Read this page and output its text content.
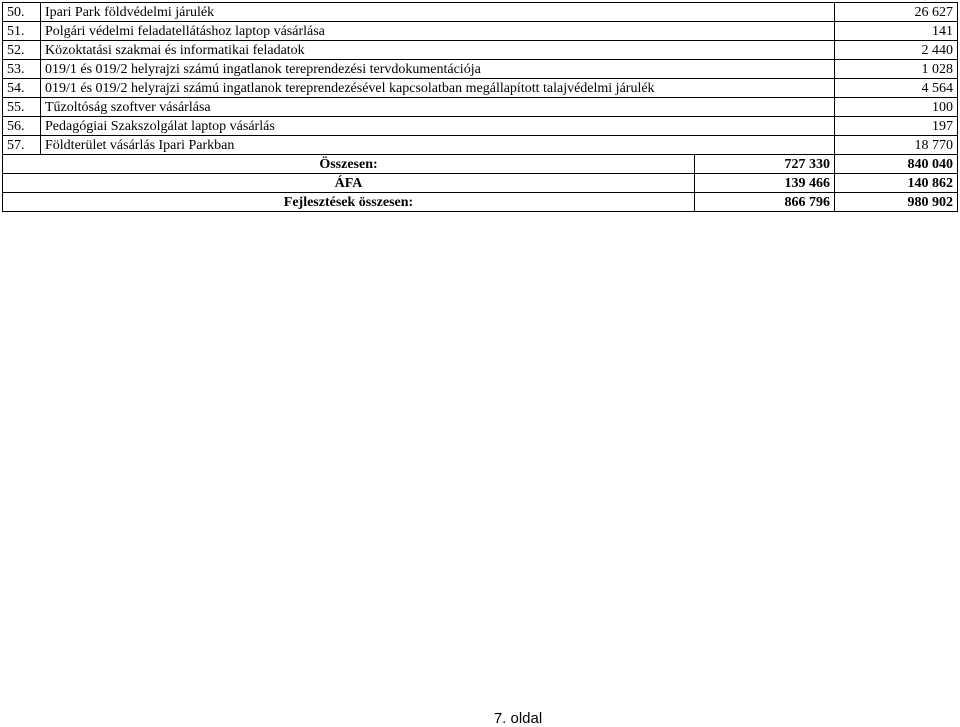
50.	Ipari Park földvédelmi járulék		26 627
51.	Polgári védelmi feladatellátáshoz laptop vásárlása		141
52.	Közoktatási szakmai és informatikai feladatok		2 440
53.	019/1 és 019/2 helyrajzi számú ingatlanok tereprendezési tervdokumentációja		1 028
54.	019/1 és 019/2 helyrajzi számú ingatlanok tereprendezésével kapcsolatban megállapított talajvédelmi járulék		4 564
55.	Tűzoltóság szoftver vásárlása		100
56.	Pedagógiai Szakszolgálat laptop vásárlás		197
57.	Földterület vásárlás Ipari Parkban		18 770
Összesen:		727 330	840 040
ÁFA		139 466	140 862
Fejlesztések összesen:		866 796	980 902
7. oldal
